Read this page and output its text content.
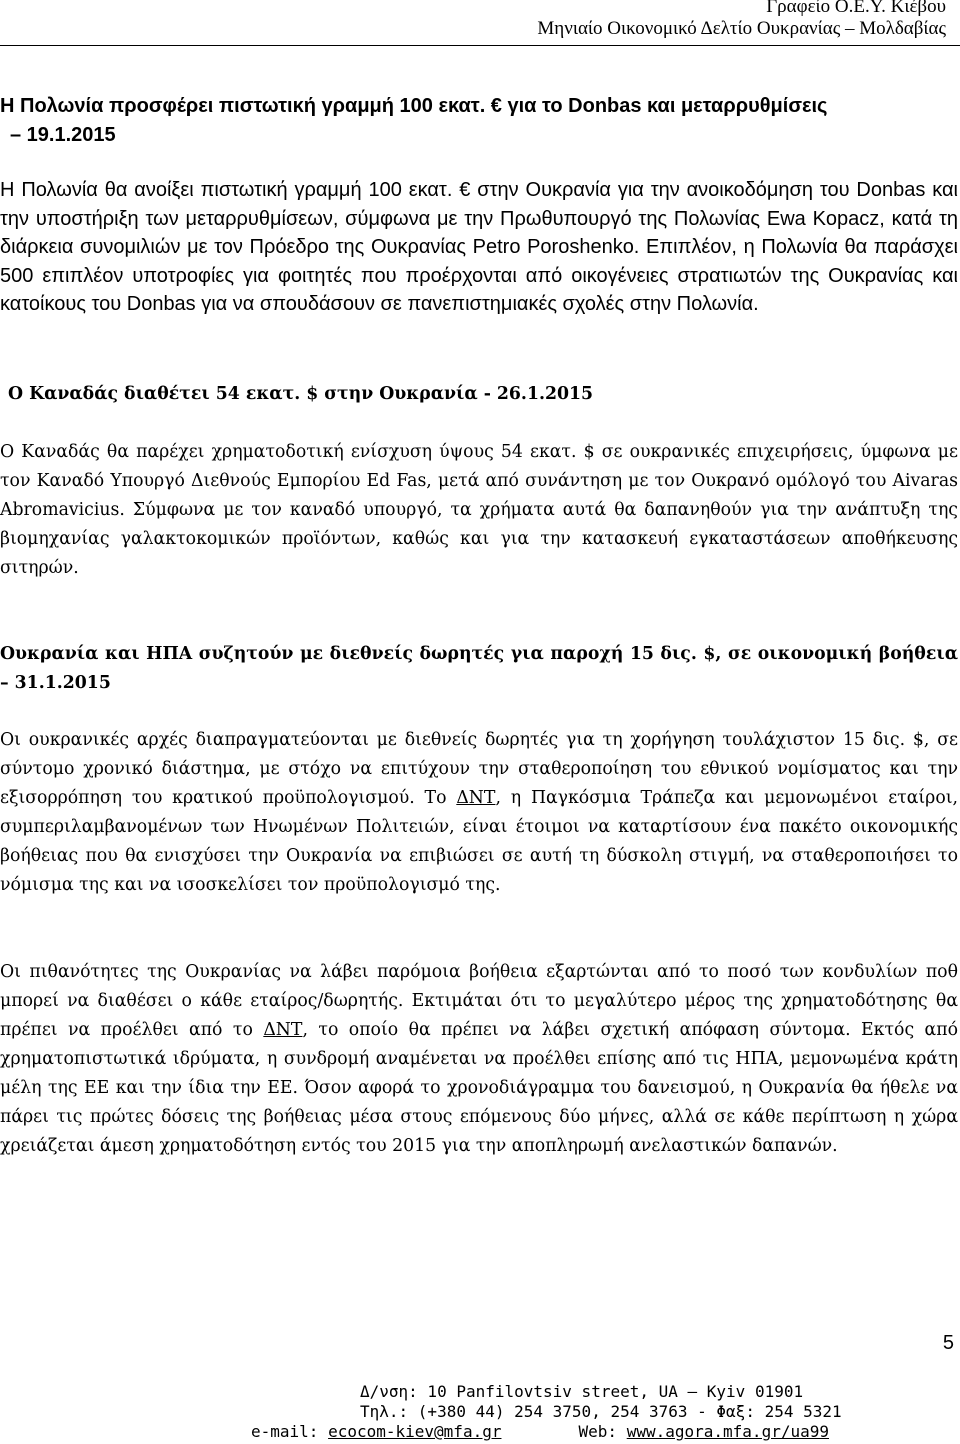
Γραφείο Ο.Ε.Υ. Κιέβου
Μηνιαίο Οικονομικό Δελτίο Ουκρανίας – Μολδαβίας

Η Πολωνία προσφέρει πιστωτική γραμμή 100 εκατ. € για το Donbas και μεταρρυθμίσεις

– 19.1.2015

Η Πολωνία θα ανοίξει πιστωτική γραμμή 100 εκατ. € στην Ουκρανία για την ανοικοδόμηση του Donbas και την υποστήριξη των μεταρρυθμίσεων, σύμφωνα με την Πρωθυπουργό της Πολωνίας Ewa Kopacz, κατά τη διάρκεια συνομιλιών με τον Πρόεδρο της Ουκρανίας Petro Poroshenko. Επιπλέον, η Πολωνία θα παράσχει 500 επιπλέον υποτροφίες για φοιτητές που προέρχονται από οικογένειες στρατιωτών της Ουκρανίας και κατοίκους του Donbas για να σπουδάσουν σε πανεπιστημιακές σχολές στην Πολωνία.
Ο Καναδάς διαθέτει 54 εκατ. $ στην Ουκρανία - 26.1.2015
Ο Καναδάς θα παρέχει χρηματοδοτική ενίσχυση ύψους 54 εκατ. $ σε ουκρανικές επιχειρήσεις, ύμφωνα με τον Καναδό Υπουργό Διεθνούς Εμπορίου Ed Fas, μετά από συνάντηση με τον Ουκρανό ομόλογό του Aivaras Abromavicius. Σύμφωνα με τον καναδό υπουργό, τα χρήματα αυτά θα δαπανηθούν για την ανάπτυξη της βιομηχανίας γαλακτοκομικών προϊόντων, καθώς και για την κατασκευή εγκαταστάσεων αποθήκευσης σιτηρών.
Ουκρανία και ΗΠΑ συζητούν με διεθνείς δωρητές για παροχή 15 δις. $, σε οικονομική βοήθεια – 31.1.2015
Οι ουκρανικές αρχές διαπραγματεύονται με διεθνείς δωρητές για τη χορήγηση τουλάχιστον 15 δις. $, σε σύντομο χρονικό διάστημα, με στόχο να επιτύχουν την σταθεροποίηση του εθνικού νομίσματος και την εξισορρόπηση του κρατικού προϋπολογισμού. Το ΔΝΤ, η Παγκόσμια Τράπεζα και μεμονωμένοι εταίροι, συμπεριλαμβανομένων των Ηνωμένων Πολιτειών, είναι έτοιμοι να καταρτίσουν ένα πακέτο οικονομικής βοήθειας που θα ενισχύσει την Ουκρανία να επιβιώσει σε αυτή τη δύσκολη στιγμή, να σταθεροποιήσει το νόμισμα της και να ισοσκελίσει τον προϋπολογισμό της.
Οι πιθανότητες της Ουκρανίας να λάβει παρόμοια βοήθεια εξαρτώνται από το ποσό των κονδυλίων ποθ μπορεί να διαθέσει ο κάθε εταίρος/δωρητής. Εκτιμάται ότι το μεγαλύτερο μέρος της χρηματοδότησης θα πρέπει να προέλθει από το ΔΝΤ, το οποίο θα πρέπει να λάβει σχετική απόφαση σύντομα. Εκτός από χρηματοπιστωτικά ιδρύματα, η συνδρομή αναμένεται να προέλθει επίσης από τις ΗΠΑ, μεμονωμένα κράτη μέλη της ΕΕ και την ίδια την ΕΕ. Όσον αφορά το χρονοδιάγραμμα του δανεισμού, η Ουκρανία θα ήθελε να πάρει τις πρώτες δόσεις της βοήθειας μέσα στους επόμενους δύο μήνες, αλλά σε κάθε περίπτωση η χώρα χρειάζεται άμεση χρηματοδότηση εντός του 2015 για την αποπληρωμή ανελαστικών δαπανών.
5
Δ/νση: 10 Panfilovtsiv street, UA – Kyiv 01901
Τηλ.: (+380 44) 254 3750, 254 3763 - Φαξ: 254 5321
e-mail: ecocom-kiev@mfa.gr	Web: www.agora.mfa.gr/ua99
